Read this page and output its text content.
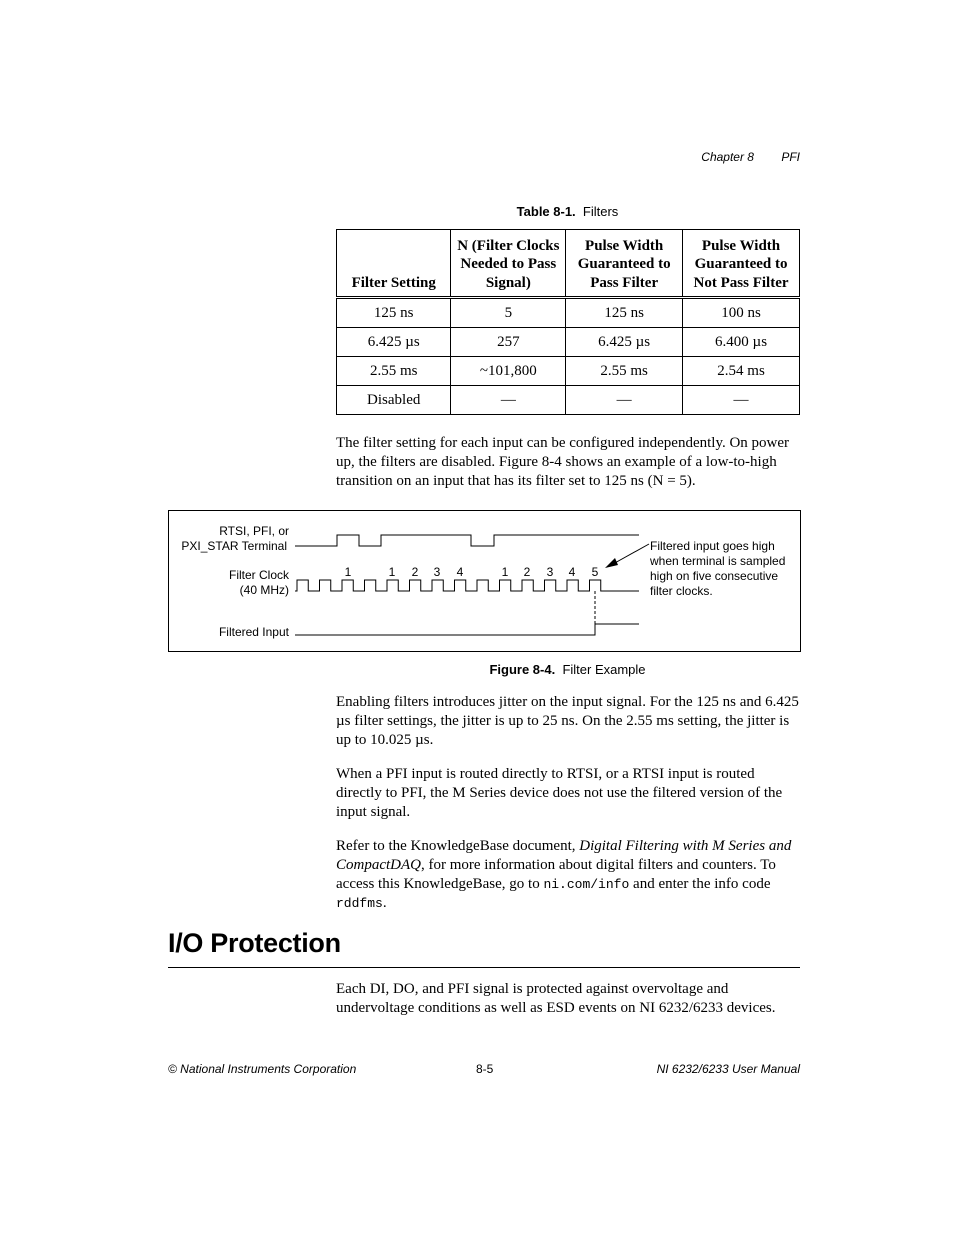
Chapter 8 PFI
Table 8-1. Filters
Filter Setting	N (Filter Clocks Needed to Pass Signal)	Pulse Width Guaranteed to Pass Filter	Pulse Width Guaranteed to Not Pass Filter
125 ns	5	125 ns	100 ns
6.425 µs	257	6.425 µs	6.400 µs
2.55 ms	~101,800	2.55 ms	2.54 ms
Disabled	—	—	—

The filter setting for each input can be configured independently. On power up, the filters are disabled. Figure 8-4 shows an example of a low-to-high transition on an input that has its filter set to 125 ns (N = 5).

RTSI, PFI, or
PXI_STAR Terminal
Filter Clock
(40 MHz)
Filtered Input
1	1 2 3 4	1 2 3 4 5
Filtered input goes high
when terminal is sampled
high on five consecutive
filter clocks.
Figure 8-4. Filter Example

Enabling filters introduces jitter on the input signal. For the 125 ns and 6.425 µs filter settings, the jitter is up to 25 ns. On the 2.55 ms setting, the jitter is up to 10.025 µs.

When a PFI input is routed directly to RTSI, or a RTSI input is routed directly to PFI, the M Series device does not use the filtered version of the input signal.

Refer to the KnowledgeBase document, Digital Filtering with M Series and CompactDAQ, for more information about digital filters and counters. To access this KnowledgeBase, go to ni.com/info and enter the info code rddfms.

I/O Protection

Each DI, DO, and PFI signal is protected against overvoltage and undervoltage conditions as well as ESD events on NI 6232/6233 devices.

© National Instruments Corporation	8-5	NI 6232/6233 User Manual
